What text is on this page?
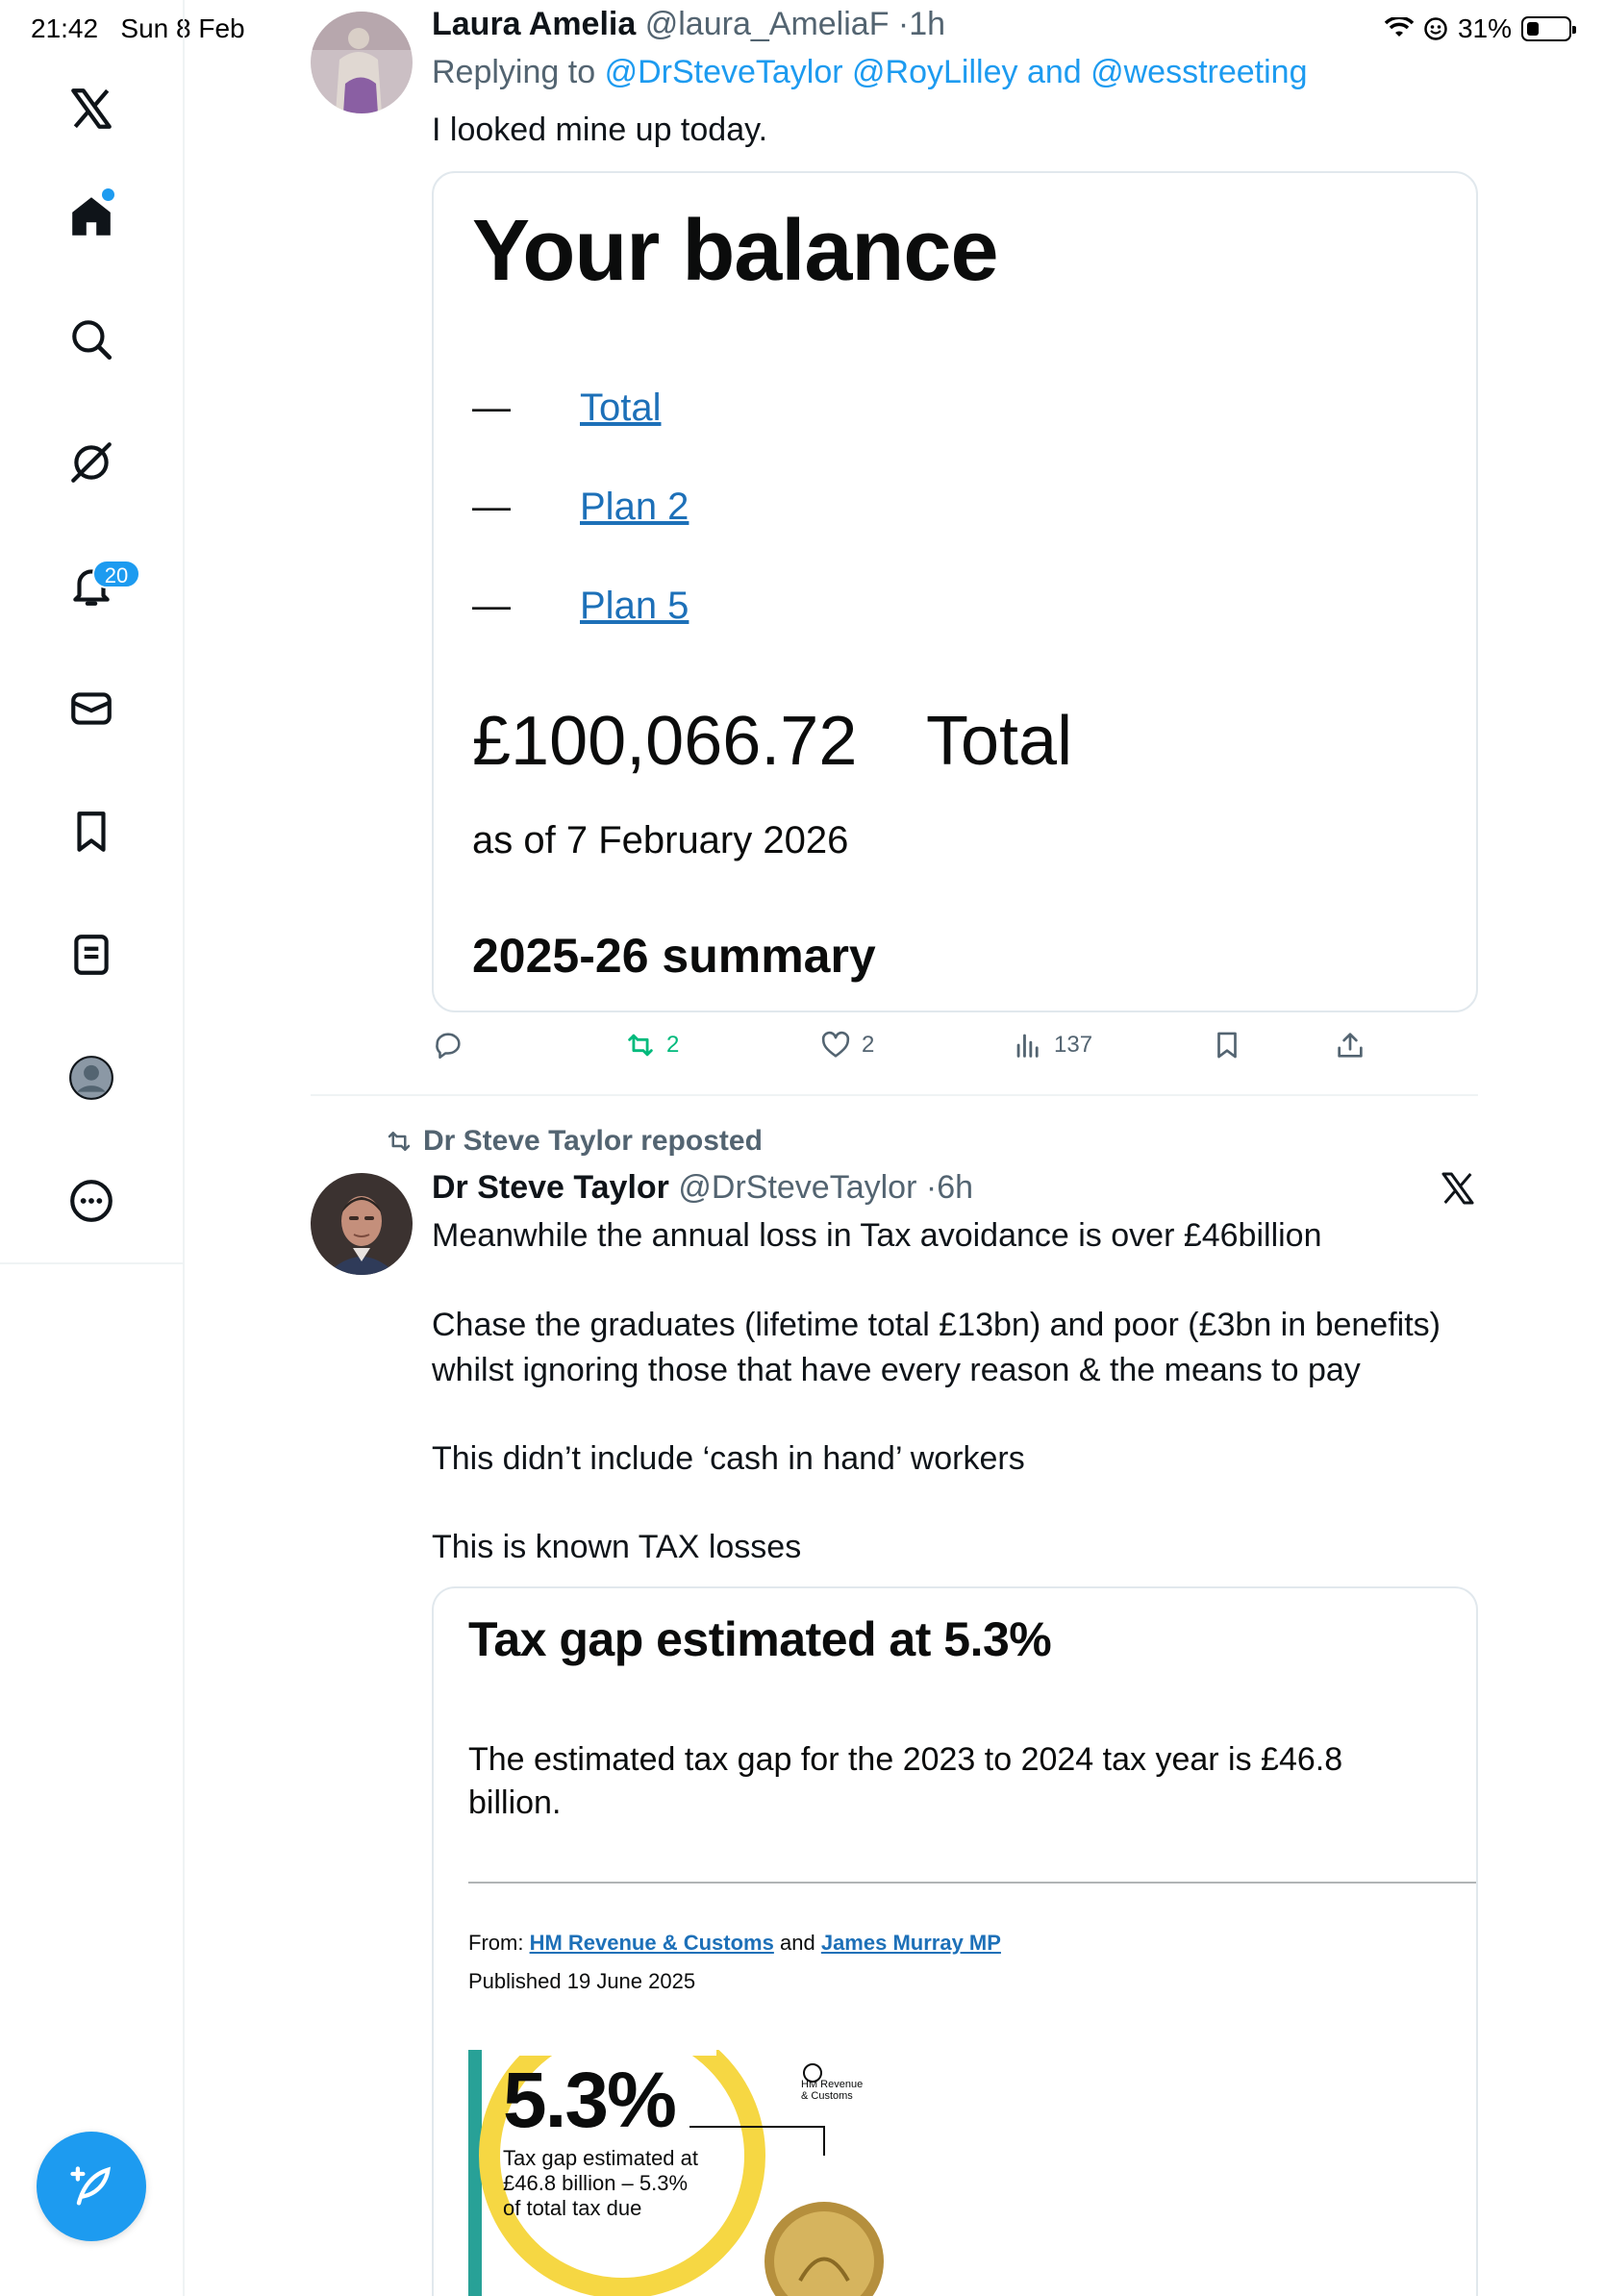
21:42 Sun 8 Feb	31%
20
Laura Amelia @laura_AmeliaF ·1h
Replying to @DrSteveTaylor @RoyLilley and @wesstreeting
I looked mine up today.
Your balance
— Total
— Plan 2
— Plan 5
£100,066.72 Total
as of 7 February 2026
2025-26 summary
2	2	137
Dr Steve Taylor reposted
Dr Steve Taylor @DrSteveTaylor ·6h
Meanwhile the annual loss in Tax avoidance is over £46billion
Chase the graduates (lifetime total £13bn) and poor (£3bn in benefits) whilst ignoring those that have every reason & the means to pay
This didn’t include ‘cash in hand’ workers
This is known TAX losses
Tax gap estimated at 5.3%
The estimated tax gap for the 2023 to 2024 tax year is £46.8 billion.
From: HM Revenue & Customs and James Murray MP
Published 19 June 2025
5.3%
Tax gap estimated at
£46.8 billion – 5.3%
of total tax due
HM Revenue
& Customs
